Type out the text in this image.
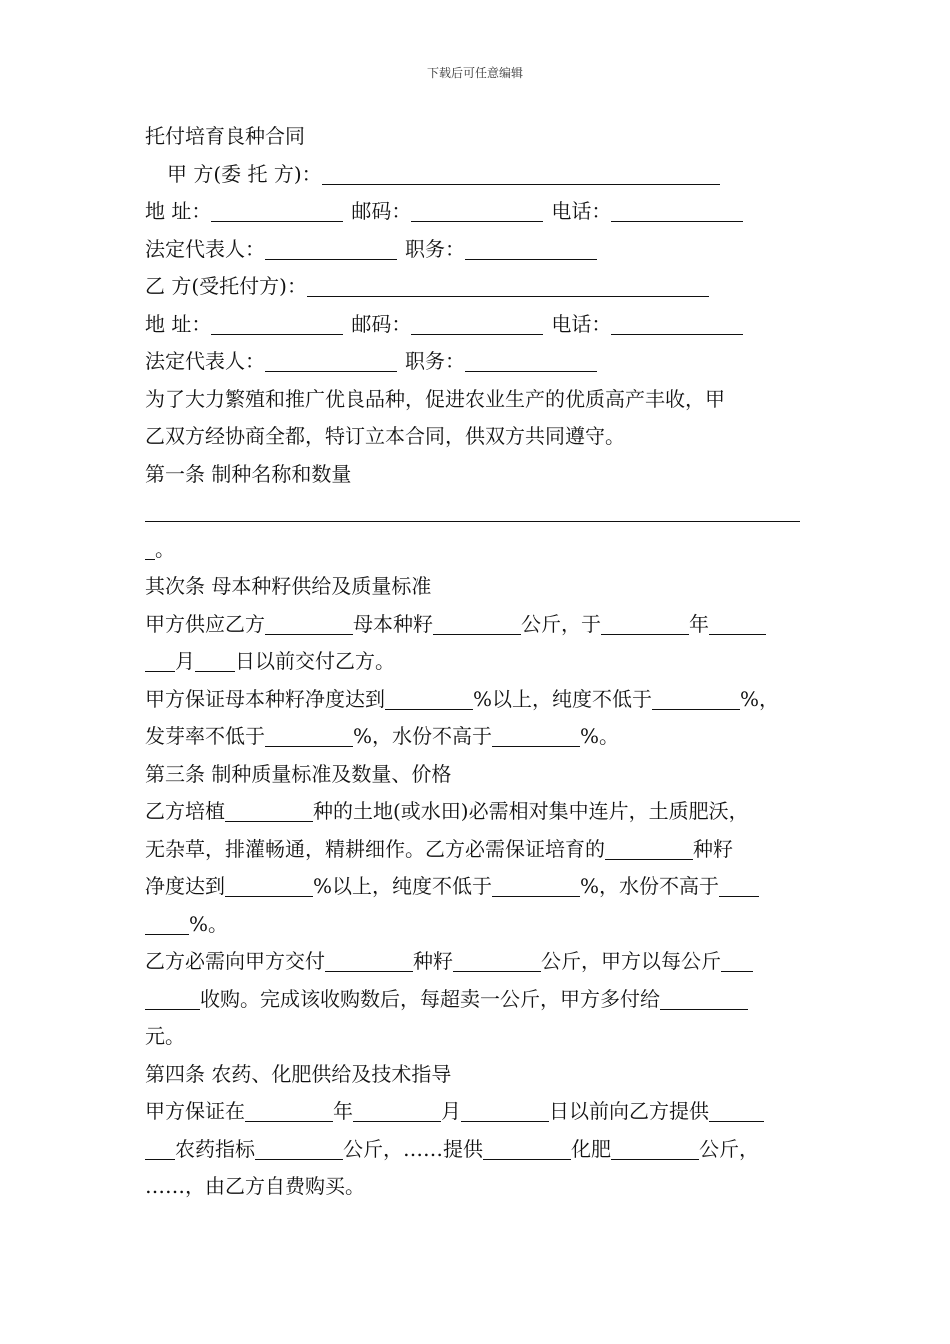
下载后可任意编辑
托付培育良种合同
甲 方(委 托 方)：
地 址：	邮码：	电话：
法定代表人：	职务：
乙 方(受托付方)：
地 址：	邮码：	电话：
法定代表人：	职务：
为了大力繁殖和推广优良品种，促进农业生产的优质高产丰收，甲
乙双方经协商全都，特订立本合同，供双方共同遵守。
第一条 制种名称和数量
。
其次条 母本种籽供给及质量标准
甲方供应乙方	母本种籽	公斤，于	年
月 日以前交付乙方。
甲方保证母本种籽净度达到	%以上，纯度不低于	%，
发芽率不低于	%，水份不高于	%。
第三条 制种质量标准及数量、价格
乙方培植	种的土地(或水田)必需相对集中连片，土质肥沃，
无杂草，排灌畅通，精耕细作。乙方必需保证培育的	种籽
净度达到	%以上，纯度不低于	%，水份不高于
%。
乙方必需向甲方交付	种籽	公斤，甲方以每公斤
收购。完成该收购数后，每超卖一公斤，甲方多付给
元。
第四条 农药、化肥供给及技术指导
甲方保证在	年	月	日以前向乙方提供
农药指标	公斤，……提供	化肥	公斤，
……，由乙方自费购买。
